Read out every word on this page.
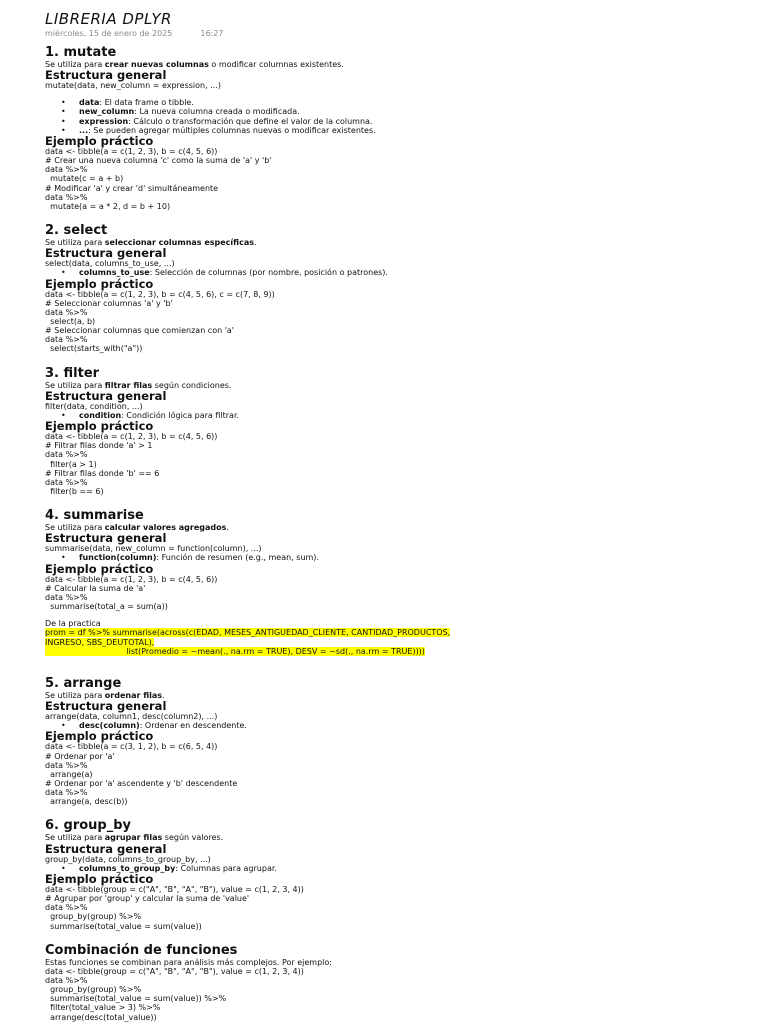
LIBRERIA DPLYR
miércoles, 15 de enero de 2025	16:27
1. mutate
Se utiliza para crear nuevas columnas o modificar columnas existentes.
Estructura general
mutate(data, new_column = expression, ...)
• data: El data frame o tibble.
• new_column: La nueva columna creada o modificada.
• expression: Cálculo o transformación que define el valor de la columna.
• ...: Se pueden agregar múltiples columnas nuevas o modificar existentes.
Ejemplo práctico
data <- tibble(a = c(1, 2, 3), b = c(4, 5, 6))
# Crear una nueva columna 'c' como la suma de 'a' y 'b'
data %>%
mutate(c = a + b)
# Modificar 'a' y crear 'd' simultáneamente
data %>%
mutate(a = a * 2, d = b + 10)
2. select
Se utiliza para seleccionar columnas específicas.
Estructura general
select(data, columns_to_use, ...)
• columns_to_use: Selección de columnas (por nombre, posición o patrones).
Ejemplo práctico
data <- tibble(a = c(1, 2, 3), b = c(4, 5, 6), c = c(7, 8, 9))
# Seleccionar columnas 'a' y 'b'
data %>%
select(a, b)
# Seleccionar columnas que comienzan con 'a'
data %>%
select(starts_with("a"))
3. filter
Se utiliza para filtrar filas según condiciones.
Estructura general
filter(data, condition, ...)
• condition: Condición lógica para filtrar.
Ejemplo práctico
data <- tibble(a = c(1, 2, 3), b = c(4, 5, 6))
# Filtrar filas donde 'a' > 1
data %>%
filter(a > 1)
# Filtrar filas donde 'b' == 6
data %>%
filter(b == 6)
4. summarise
Se utiliza para calcular valores agregados.
Estructura general
summarise(data, new_column = function(column), ...)
• function(column): Función de resumen (e.g., mean, sum).
Ejemplo práctico
data <- tibble(a = c(1, 2, 3), b = c(4, 5, 6))
# Calcular la suma de 'a'
data %>%
summarise(total_a = sum(a))
De la practica
prom = df %>% summarise(across(c(EDAD, MESES_ANTIGUEDAD_CLIENTE, CANTIDAD_PRODUCTOS,
INGRESO, SBS_DEUTOTAL),
list(Promedio = ~mean(., na.rm = TRUE), DESV = ~sd(., na.rm = TRUE))))
5. arrange
Se utiliza para ordenar filas.
Estructura general
arrange(data, column1, desc(column2), ...)
• desc(column): Ordenar en descendente.
Ejemplo práctico
data <- tibble(a = c(3, 1, 2), b = c(6, 5, 4))
# Ordenar por 'a'
data %>%
arrange(a)
# Ordenar por 'a' ascendente y 'b' descendente
data %>%
arrange(a, desc(b))
6. group_by
Se utiliza para agrupar filas según valores.
Estructura general
group_by(data, columns_to_group_by, ...)
• columns_to_group_by: Columnas para agrupar.
Ejemplo práctico
data <- tibble(group = c("A", "B", "A", "B"), value = c(1, 2, 3, 4))
# Agrupar por 'group' y calcular la suma de 'value'
data %>%
group_by(group) %>%
summarise(total_value = sum(value))
Combinación de funciones
Estas funciones se combinan para análisis más complejos. Por ejemplo:
data <- tibble(group = c("A", "B", "A", "B"), value = c(1, 2, 3, 4))
data %>%
group_by(group) %>%
summarise(total_value = sum(value)) %>%
filter(total_value > 3) %>%
arrange(desc(total_value))
